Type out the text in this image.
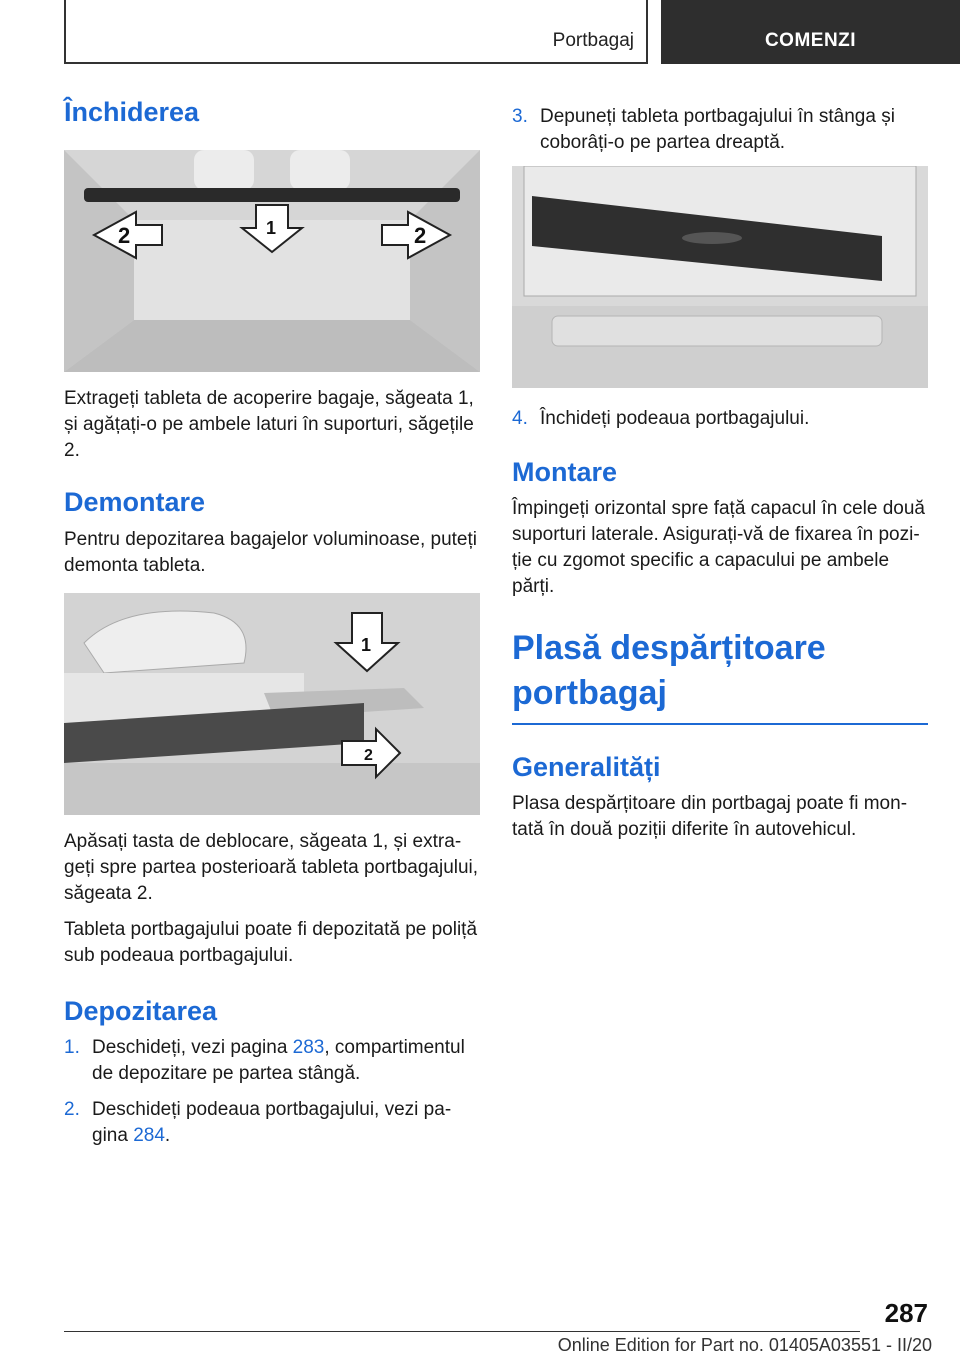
Portbagaj	COMENZI
Închiderea
2	1	2

Extrageți tableta de acoperire bagaje, săgeata 1, și agățați-o pe ambele laturi în suporturi, săgețile 2.

Demontare

Pentru depozitarea bagajelor voluminoase, puteți demonta tableta.

1
2

Apăsați tasta de deblocare, săgeata 1, și extrageți spre partea posterioară tableta portbagajului, săgeata 2.

Tableta portbagajului poate fi depozitată pe poliță sub podeaua portbagajului.

Depozitarea
1. Deschideți, vezi pagina 283, compartimentul de depozitare pe partea stângă.
2. Deschideți podeaua portbagajului, vezi pagina 284.
3. Depuneți tableta portbagajului în stânga și coborâți-o pe partea dreaptă.
4. Închideți podeaua portbagajului.
Montare

Împingeți orizontal spre față capacul în cele două suporturi laterale. Asigurați-vă de fixarea în poziție cu zgomot specific a capacului pe ambele părți.

Plasă despărțitoare
portbagaj
Generalități

Plasa despărțitoare din portbagaj poate fi montată în două poziții diferite în autovehicul.

287
Online Edition for Part no. 01405A03551 - II/20
